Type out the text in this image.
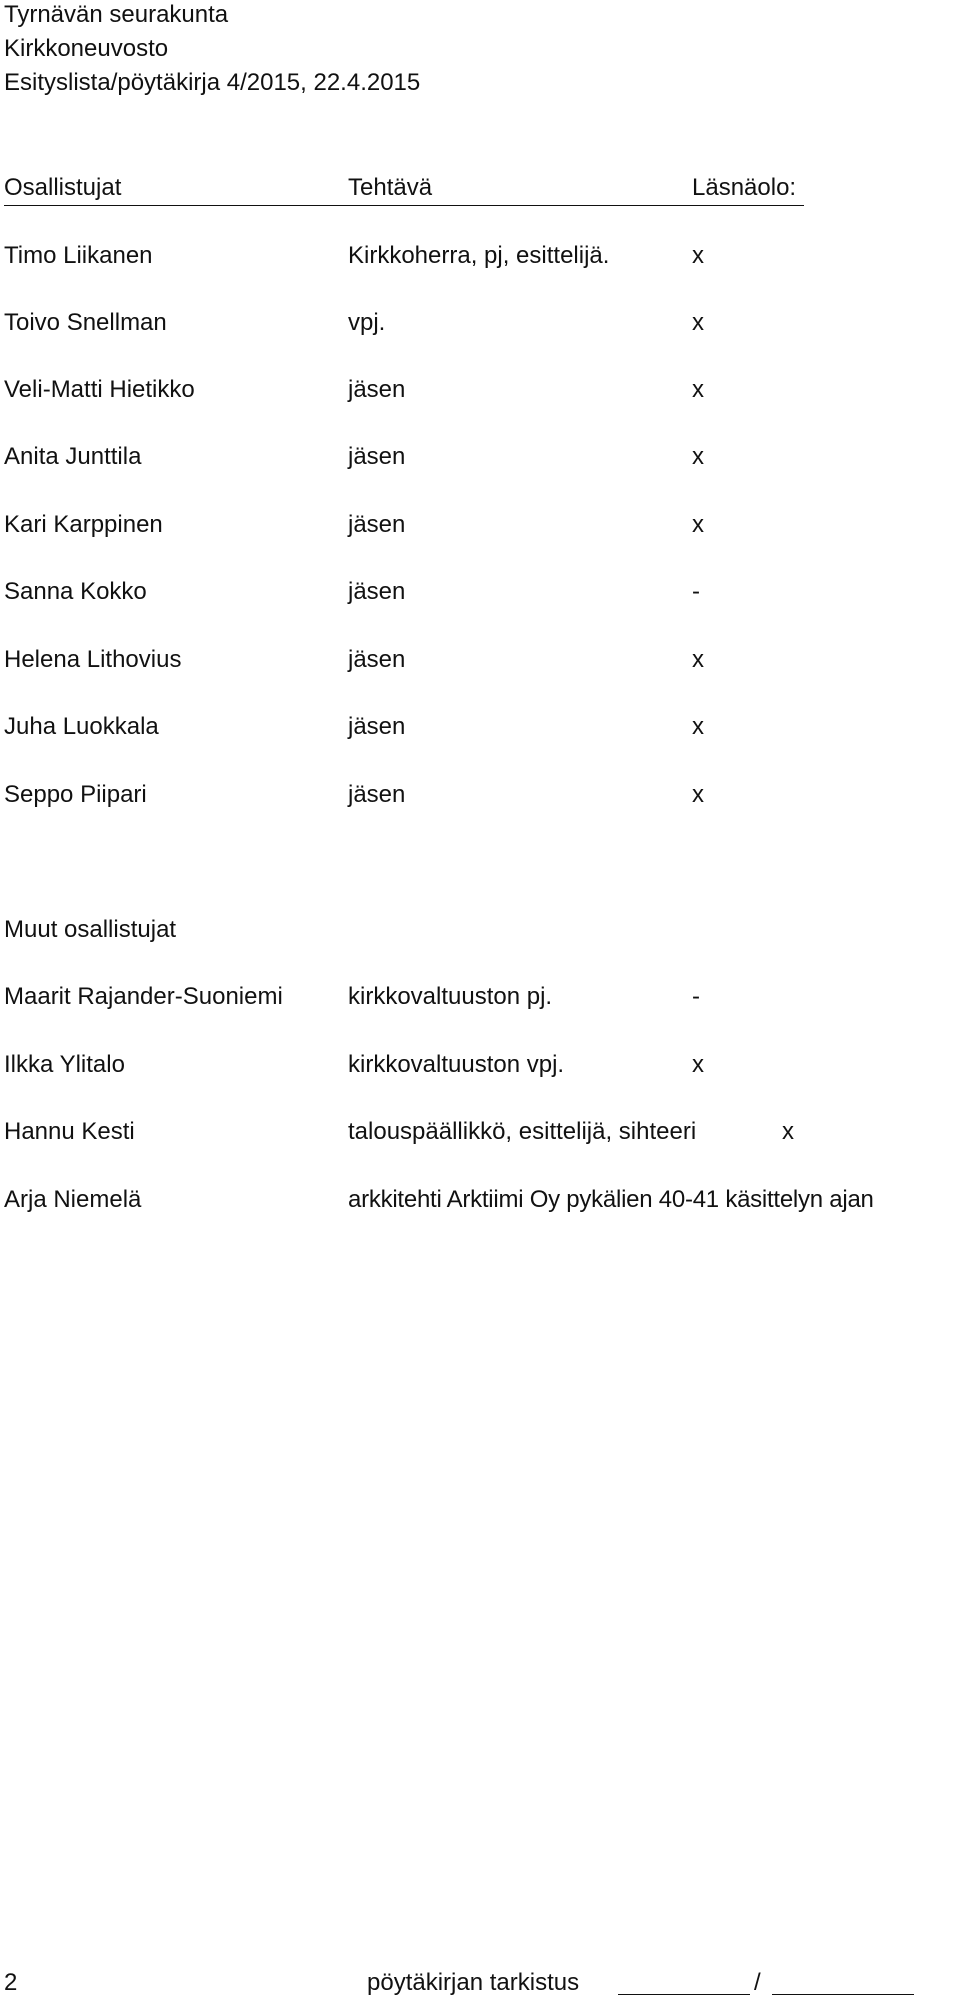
Tyrnävän seurakunta
Kirkkoneuvosto
Esityslista/pöytäkirja 4/2015, 22.4.2015
Osallistujat	Tehtävä	Läsnäolo:
Timo Liikanen	Kirkkoherra, pj, esittelijä.	x
Toivo Snellman	vpj.	x
Veli-Matti Hietikko	jäsen	x
Anita Junttila	jäsen	x
Kari Karppinen	jäsen	x
Sanna Kokko	jäsen	-
Helena Lithovius	jäsen	x
Juha Luokkala	jäsen	x
Seppo Piipari	jäsen	x
Muut osallistujat
Maarit Rajander-Suoniemi	kirkkovaltuuston pj.	-
Ilkka Ylitalo	kirkkovaltuuston vpj.	x
Hannu Kesti	talouspäällikkö, esittelijä, sihteeri	x
Arja Niemelä	arkkitehti Arktiimi Oy pykälien 40-41 käsittelyn ajan
2	pöytäkirjan tarkistus	/
